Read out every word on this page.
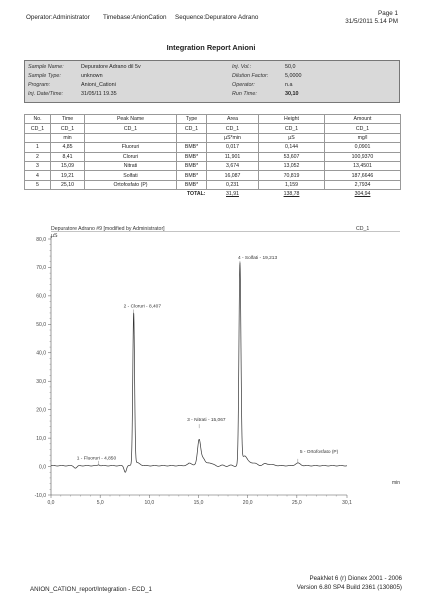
Operator:Administrator Timebase:AnionCation Sequence:Depuratore Adrano
Page 1
31/5/2011 5.14 PM
Integration Report Anioni
Sample Name:	Depuratore Adrano dil 5v
Sample Type:	unknown
Program:	Anioni_Cationi
Inj. Date/Time:	31/05/11 19.35
Inj. Vol.:	50,0
Dilution Factor:	5,0000
Operator:	n.a
Run Time:	30,10
No.	Time	Peak Name	Type	Area	Height	Amount
CD_1	CD_1	CD_1	CD_1	CD_1	CD_1	CD_1
	min			µS*min	µS	mg/l
1	4,85	Fluoruri	BMB*	0,017	0,144	0,0901
2	8,41	Cloruri	BMB*	11,901	53,607	100,9370
3	15,09	Nitrati	BMB*	3,674	13,052	13,4501
4	19,21	Solfati	BMB*	16,087	70,819	187,6646
5	25,10	Ortofosfato (P)	BMB*	0,231	1,159	2,7934
TOTAL:				31,91	138,78	304,94
Depuratore Adrano #9 [modified by Administrator]	CD_1
µS
min
-10,0
0,0
10,0
20,0
30,0
40,0
50,0
60,0
70,0
80,0
0,0	5,0	10,0	15,0	20,0	25,0	30,1
1 - Fluoruri - 4,850
2 - Cloruri - 8,407
3 - Nitrati - 15,067
4 - Solfati - 19,213
5 - Ortofosfato (P)
ANION_CATION_report/Integration - ECD_1
PeakNet 6 (r) Dionex 2001 - 2006
Version 6.80 SP4 Build 2361 (130805)
